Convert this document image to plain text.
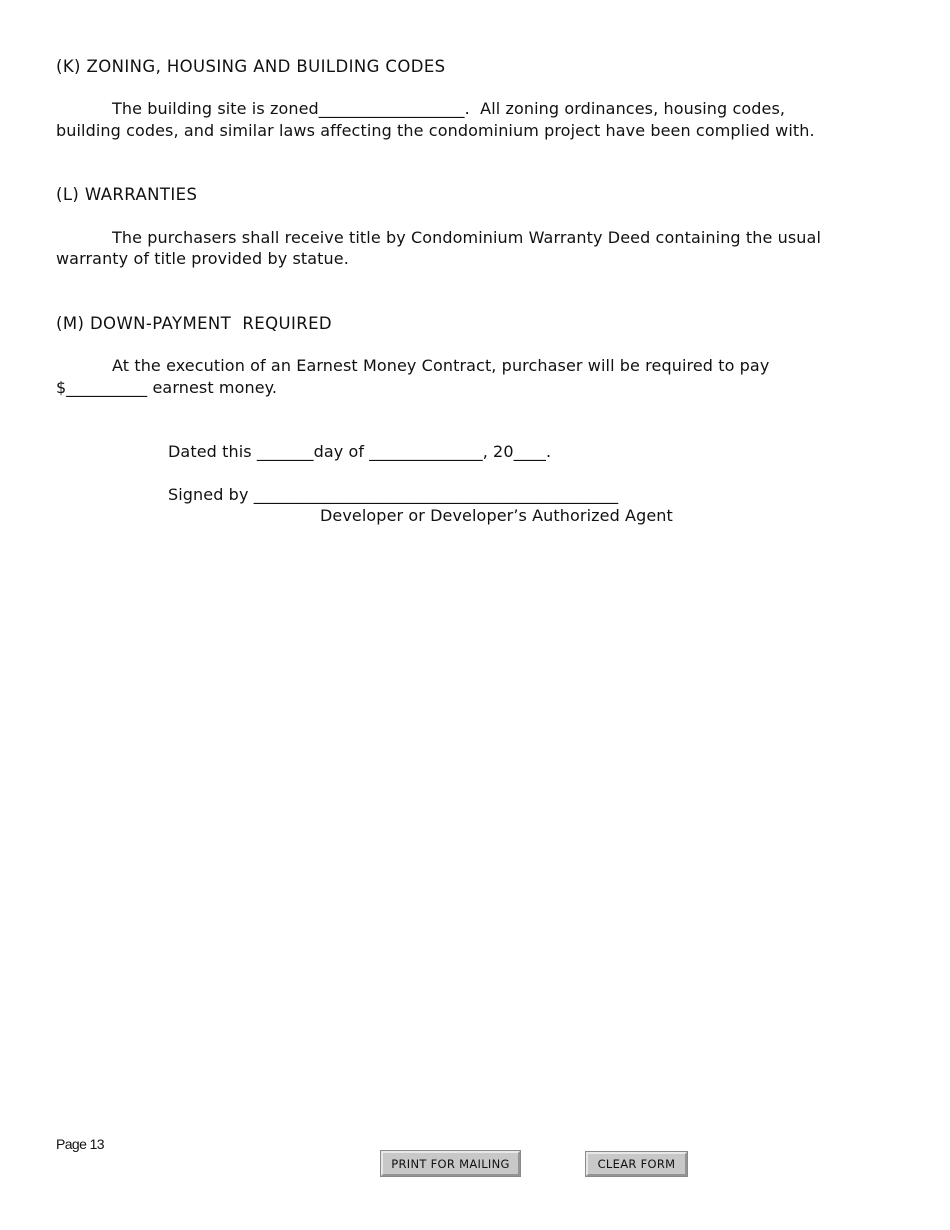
(K) ZONING, HOUSING AND BUILDING CODES
The building site is zoned__________________.  All zoning ordinances, housing codes,
building codes, and similar laws affecting the condominium project have been complied with.
(L) WARRANTIES
The purchasers shall receive title by Condominium Warranty Deed containing the usual
warranty of title provided by statue.
(M) DOWN-PAYMENT  REQUIRED
At the execution of an Earnest Money Contract, purchaser will be required to pay
$__________ earnest money.
Dated this _______day of ______________, 20____.
Signed by _____________________________________________
Developer or Developer’s Authorized Agent
Page 13
PRINT FOR MAILING	CLEAR FORM
